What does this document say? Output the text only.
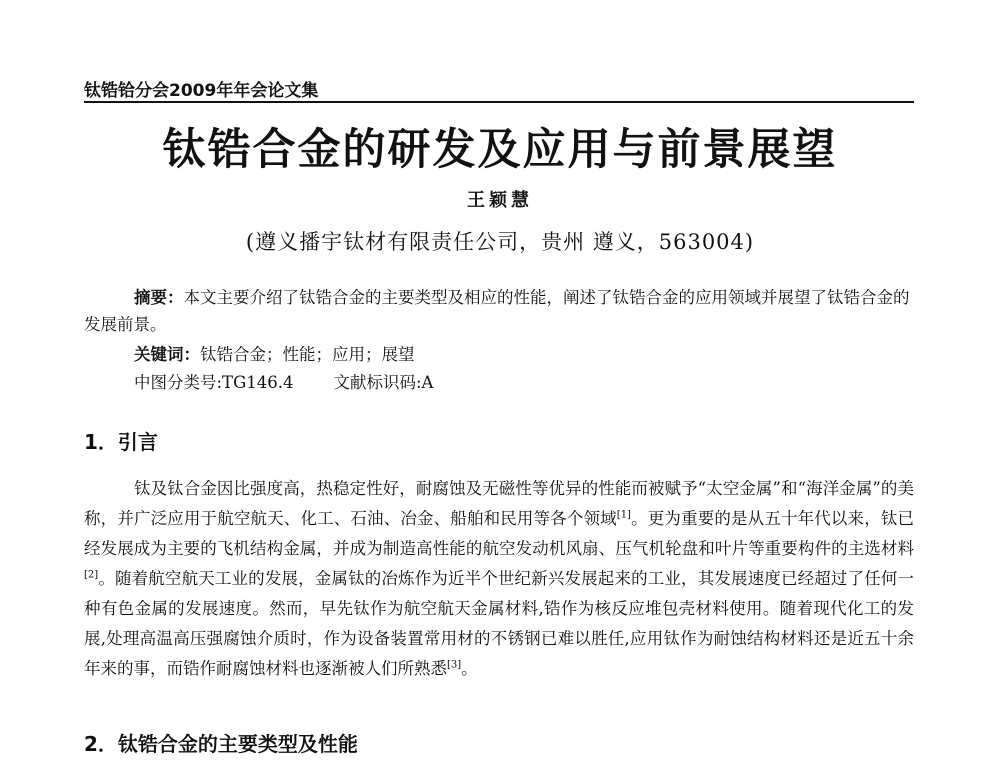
钛锆铪分会2009年年会论文集
钛锆合金的研发及应用与前景展望
王颖慧
(遵义播宇钛材有限责任公司，贵州 遵义，563004)
摘要：本文主要介绍了钛锆合金的主要类型及相应的性能，阐述了钛锆合金的应用领域并展望了钛锆合金的发展前景。
关键词：钛锆合金；性能；应用；展望
中图分类号:TG146.4 文献标识码:A
1．引言
钛及钛合金因比强度高，热稳定性好，耐腐蚀及无磁性等优异的性能而被赋予“太空金属”和“海洋金属”的美称，并广泛应用于航空航天、化工、石油、冶金、船舶和民用等各个领域[1]。更为重要的是从五十年代以来，钛已经发展成为主要的飞机结构金属，并成为制造高性能的航空发动机风扇、压气机轮盘和叶片等重要构件的主选材料[2]。随着航空航天工业的发展，金属钛的冶炼作为近半个世纪新兴发展起来的工业，其发展速度已经超过了任何一种有色金属的发展速度。然而，早先钛作为航空航天金属材料,锆作为核反应堆包壳材料使用。随着现代化工的发展,处理高温高压强腐蚀介质时，作为设备装置常用材的不锈钢已难以胜任,应用钛作为耐蚀结构材料还是近五十余年来的事，而锆作耐腐蚀材料也逐渐被人们所熟悉[3]。
2．钛锆合金的主要类型及性能
